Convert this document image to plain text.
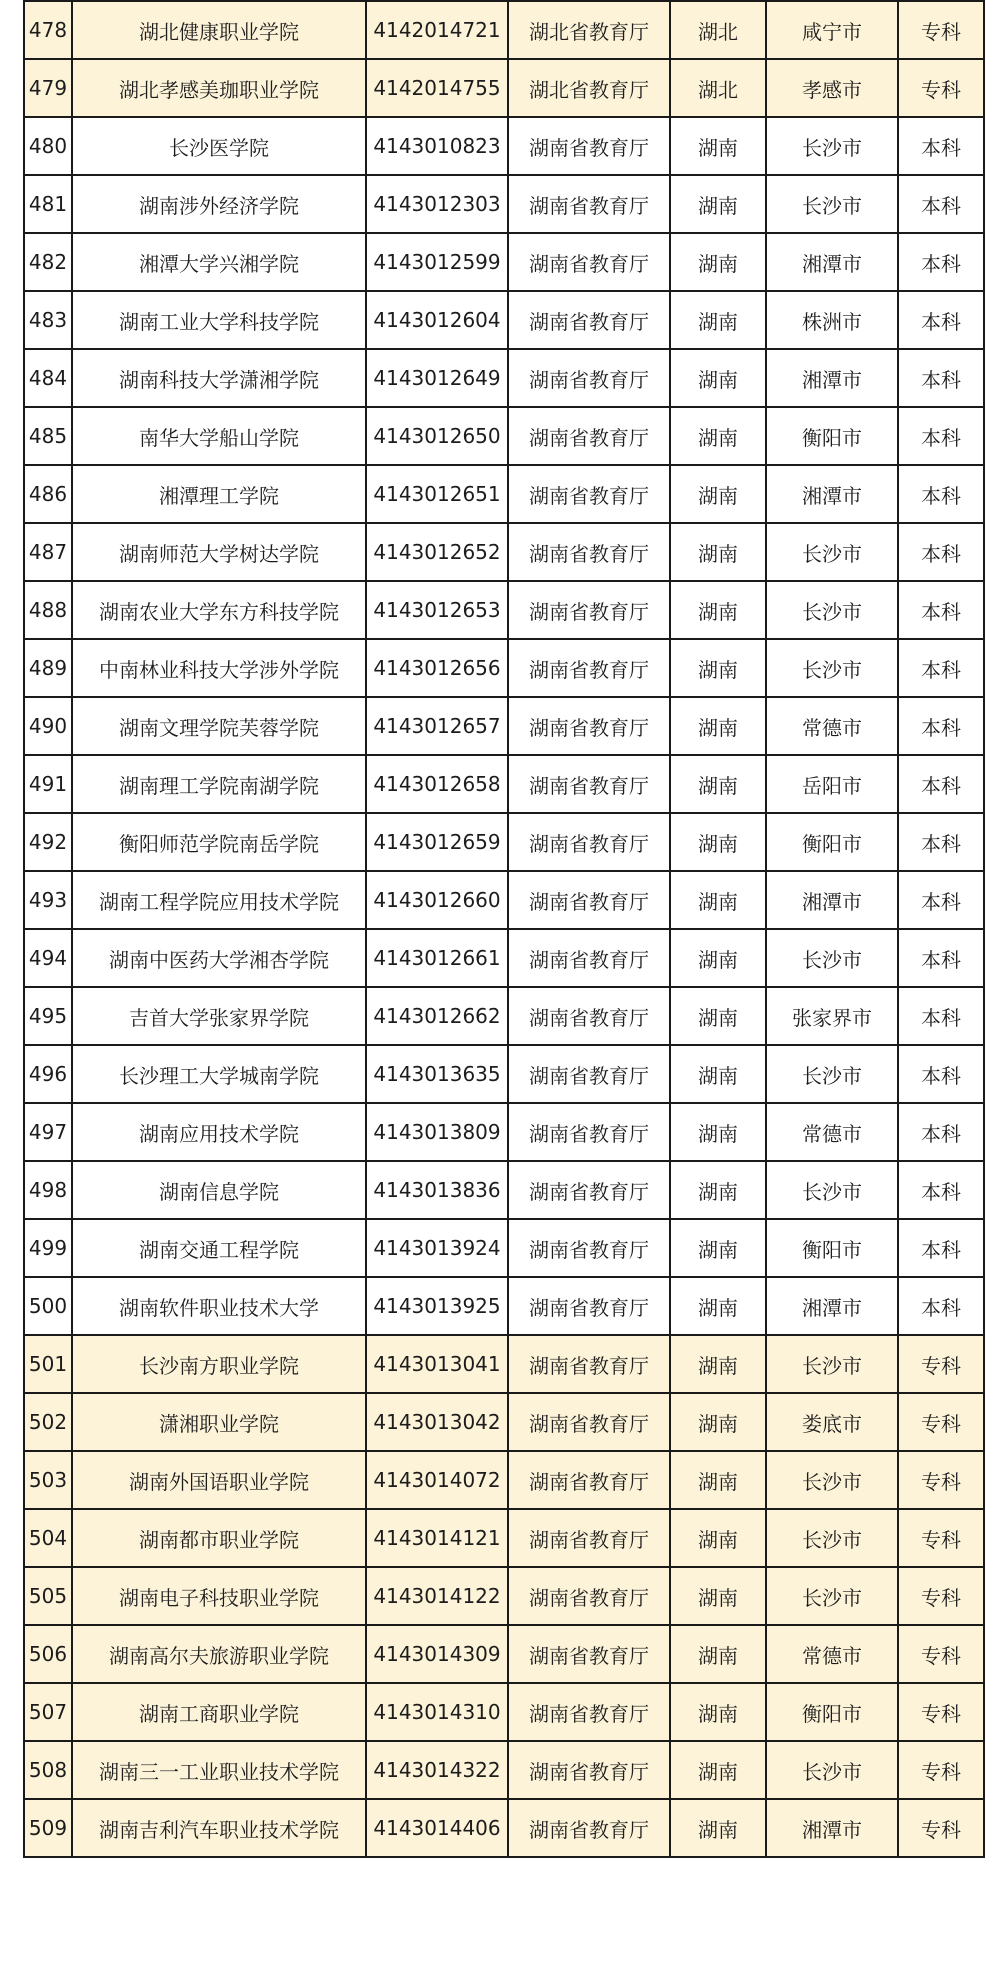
478	湖北健康职业学院	4142014721	湖北省教育厅	湖北	咸宁市	专科
479	湖北孝感美珈职业学院	4142014755	湖北省教育厅	湖北	孝感市	专科
480	长沙医学院	4143010823	湖南省教育厅	湖南	长沙市	本科
481	湖南涉外经济学院	4143012303	湖南省教育厅	湖南	长沙市	本科
482	湘潭大学兴湘学院	4143012599	湖南省教育厅	湖南	湘潭市	本科
483	湖南工业大学科技学院	4143012604	湖南省教育厅	湖南	株洲市	本科
484	湖南科技大学潇湘学院	4143012649	湖南省教育厅	湖南	湘潭市	本科
485	南华大学船山学院	4143012650	湖南省教育厅	湖南	衡阳市	本科
486	湘潭理工学院	4143012651	湖南省教育厅	湖南	湘潭市	本科
487	湖南师范大学树达学院	4143012652	湖南省教育厅	湖南	长沙市	本科
488	湖南农业大学东方科技学院	4143012653	湖南省教育厅	湖南	长沙市	本科
489	中南林业科技大学涉外学院	4143012656	湖南省教育厅	湖南	长沙市	本科
490	湖南文理学院芙蓉学院	4143012657	湖南省教育厅	湖南	常德市	本科
491	湖南理工学院南湖学院	4143012658	湖南省教育厅	湖南	岳阳市	本科
492	衡阳师范学院南岳学院	4143012659	湖南省教育厅	湖南	衡阳市	本科
493	湖南工程学院应用技术学院	4143012660	湖南省教育厅	湖南	湘潭市	本科
494	湖南中医药大学湘杏学院	4143012661	湖南省教育厅	湖南	长沙市	本科
495	吉首大学张家界学院	4143012662	湖南省教育厅	湖南	张家界市	本科
496	长沙理工大学城南学院	4143013635	湖南省教育厅	湖南	长沙市	本科
497	湖南应用技术学院	4143013809	湖南省教育厅	湖南	常德市	本科
498	湖南信息学院	4143013836	湖南省教育厅	湖南	长沙市	本科
499	湖南交通工程学院	4143013924	湖南省教育厅	湖南	衡阳市	本科
500	湖南软件职业技术大学	4143013925	湖南省教育厅	湖南	湘潭市	本科
501	长沙南方职业学院	4143013041	湖南省教育厅	湖南	长沙市	专科
502	潇湘职业学院	4143013042	湖南省教育厅	湖南	娄底市	专科
503	湖南外国语职业学院	4143014072	湖南省教育厅	湖南	长沙市	专科
504	湖南都市职业学院	4143014121	湖南省教育厅	湖南	长沙市	专科
505	湖南电子科技职业学院	4143014122	湖南省教育厅	湖南	长沙市	专科
506	湖南高尔夫旅游职业学院	4143014309	湖南省教育厅	湖南	常德市	专科
507	湖南工商职业学院	4143014310	湖南省教育厅	湖南	衡阳市	专科
508	湖南三一工业职业技术学院	4143014322	湖南省教育厅	湖南	长沙市	专科
509	湖南吉利汽车职业技术学院	4143014406	湖南省教育厅	湖南	湘潭市	专科
